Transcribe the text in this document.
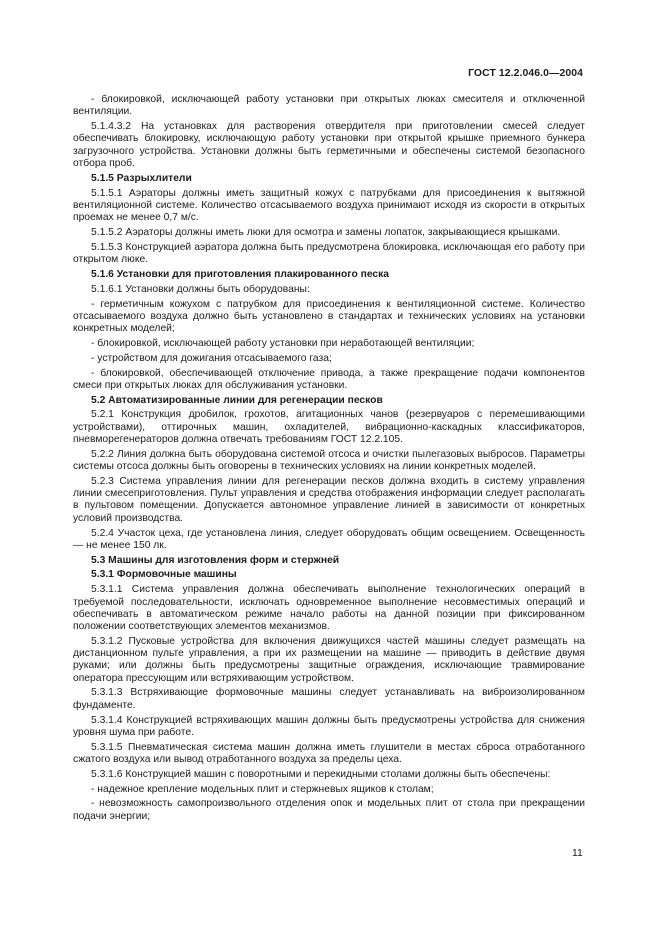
ГОСТ 12.2.046.0—2004

- блокировкой, исключающей работу установки при открытых люках смесителя и отключенной вентиляции.

5.1.4.3.2 На установках для растворения отвердителя при приготовлении смесей следует обеспечивать блокировку, исключающую работу установки при открытой крышке приемного бункера загрузочного устройства. Установки должны быть герметичными и обеспечены системой безопасного отбора проб.

5.1.5 Разрыхлители

5.1.5.1 Аэраторы должны иметь защитный кожух с патрубками для присоединения к вытяжной вентиляционной системе. Количество отсасываемого воздуха принимают исходя из скорости в открытых проемах не менее 0,7 м/с.

5.1.5.2 Аэраторы должны иметь люки для осмотра и замены лопаток, закрывающиеся крышками.

5.1.5.3 Конструкцией аэратора должна быть предусмотрена блокировка, исключающая его работу при открытом люке.

5.1.6 Установки для приготовления плакированного песка

5.1.6.1 Установки должны быть оборудованы:

- герметичным кожухом с патрубком для присоединения к вентиляционной системе. Количество отсасываемого воздуха должно быть установлено в стандартах и технических условиях на установки конкретных моделей;

- блокировкой, исключающей работу установки при неработающей вентиляции;

- устройством для дожигания отсасываемого газа;

- блокировкой, обеспечивающей отключение привода, а также прекращение подачи компонентов смеси при открытых люках для обслуживания установки.

5.2 Автоматизированные линии для регенерации песков

5.2.1 Конструкция дробилок, грохотов, агитационных чанов (резервуаров с перемешивающими устройствами), оттирочных машин, охладителей, вибрационно-каскадных классификаторов, пневморегенераторов должна отвечать требованиям ГОСТ 12.2.105.

5.2.2 Линия должна быть оборудована системой отсоса и очистки пылегазовых выбросов. Параметры системы отсоса должны быть оговорены в технических условиях на линии конкретных моделей.

5.2.3 Система управления линии для регенерации песков должна входить в систему управления линии смесеприготовления. Пульт управления и средства отображения информации следует располагать в пультовом помещении. Допускается автономное управление линией в зависимости от конкретных условий производства.

5.2.4 Участок цеха, где установлена линия, следует оборудовать общим освещением. Освещенность — не менее 150 лк.

5.3 Машины для изготовления форм и стержней

5.3.1 Формовочные машины

5.3.1.1 Система управления должна обеспечивать выполнение технологических операций в требуемой последовательности, исключать одновременное выполнение несовместимых операций и обеспечивать в автоматическом режиме начало работы на данной позиции при фиксированном положении соответствующих элементов механизмов.

5.3.1.2 Пусковые устройства для включения движущихся частей машины следует размещать на дистанционном пульте управления, а при их размещении на машине — приводить в действие двумя руками; или должны быть предусмотрены защитные ограждения, исключающие травмирование оператора прессующим или встряхивающим устройством.

5.3.1.3 Встряхивающие формовочные машины следует устанавливать на виброизолированном фундаменте.

5.3.1.4 Конструкцией встряхивающих машин должны быть предусмотрены устройства для снижения уровня шума при работе.

5.3.1.5 Пневматическая система машин должна иметь глушители в местах сброса отработанного сжатого воздуха или вывод отработанного воздуха за пределы цеха.

5.3.1.6 Конструкцией машин с поворотными и перекидными столами должны быть обеспечены:

- надежное крепление модельных плит и стержневых ящиков к столам;

- невозможность самопроизвольного отделения опок и модельных плит от стола при прекращении подачи энергии;

11
